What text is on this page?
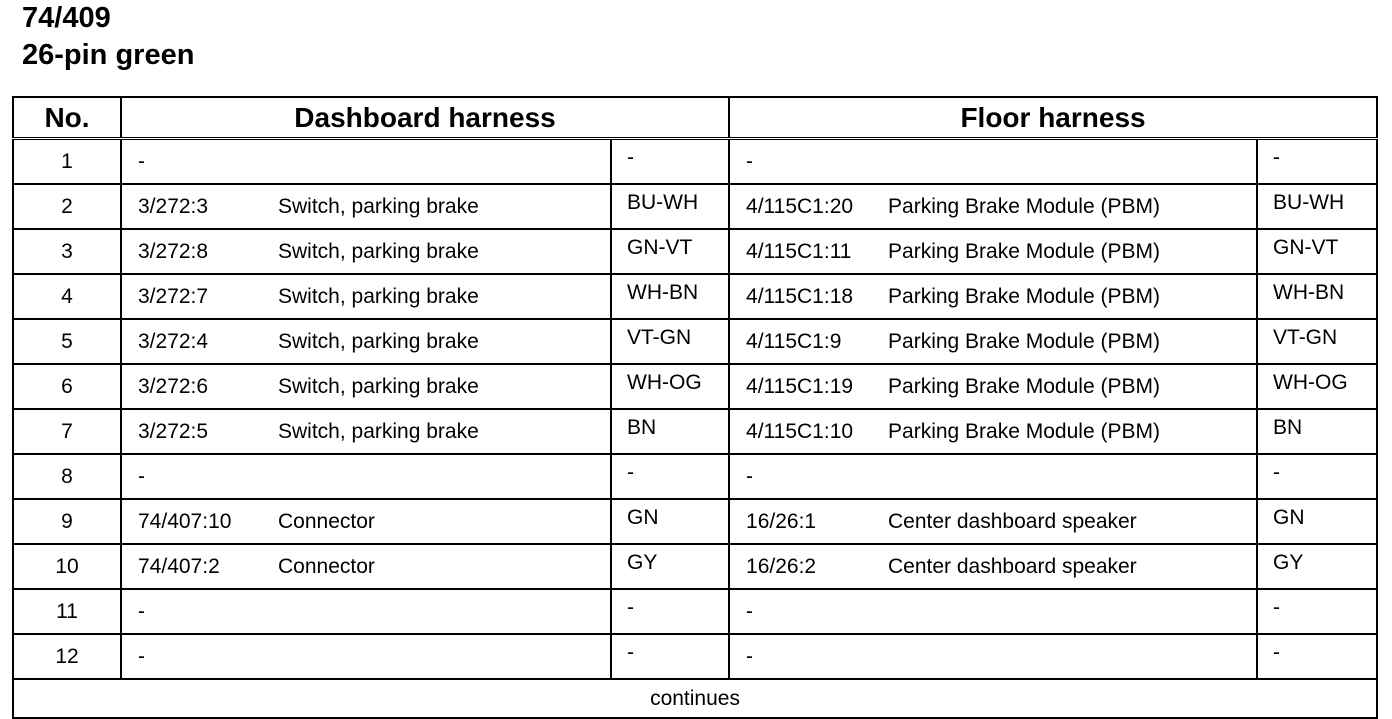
74/409
26-pin green
No.	Dashboard harness		Floor harness	
1	-	-	-	-
2	3/272:3 Switch, parking brake	BU-WH	4/115C1:20 Parking Brake Module (PBM)	BU-WH
3	3/272:8 Switch, parking brake	GN-VT	4/115C1:11 Parking Brake Module (PBM)	GN-VT
4	3/272:7 Switch, parking brake	WH-BN	4/115C1:18 Parking Brake Module (PBM)	WH-BN
5	3/272:4 Switch, parking brake	VT-GN	4/115C1:9 Parking Brake Module (PBM)	VT-GN
6	3/272:6 Switch, parking brake	WH-OG	4/115C1:19 Parking Brake Module (PBM)	WH-OG
7	3/272:5 Switch, parking brake	BN	4/115C1:10 Parking Brake Module (PBM)	BN
8	-	-	-	-
9	74/407:10 Connector	GN	16/26:1 Center dashboard speaker	GN
10	74/407:2 Connector	GY	16/26:2 Center dashboard speaker	GY
11	-	-	-	-
12	-	-	-	-
continues				
